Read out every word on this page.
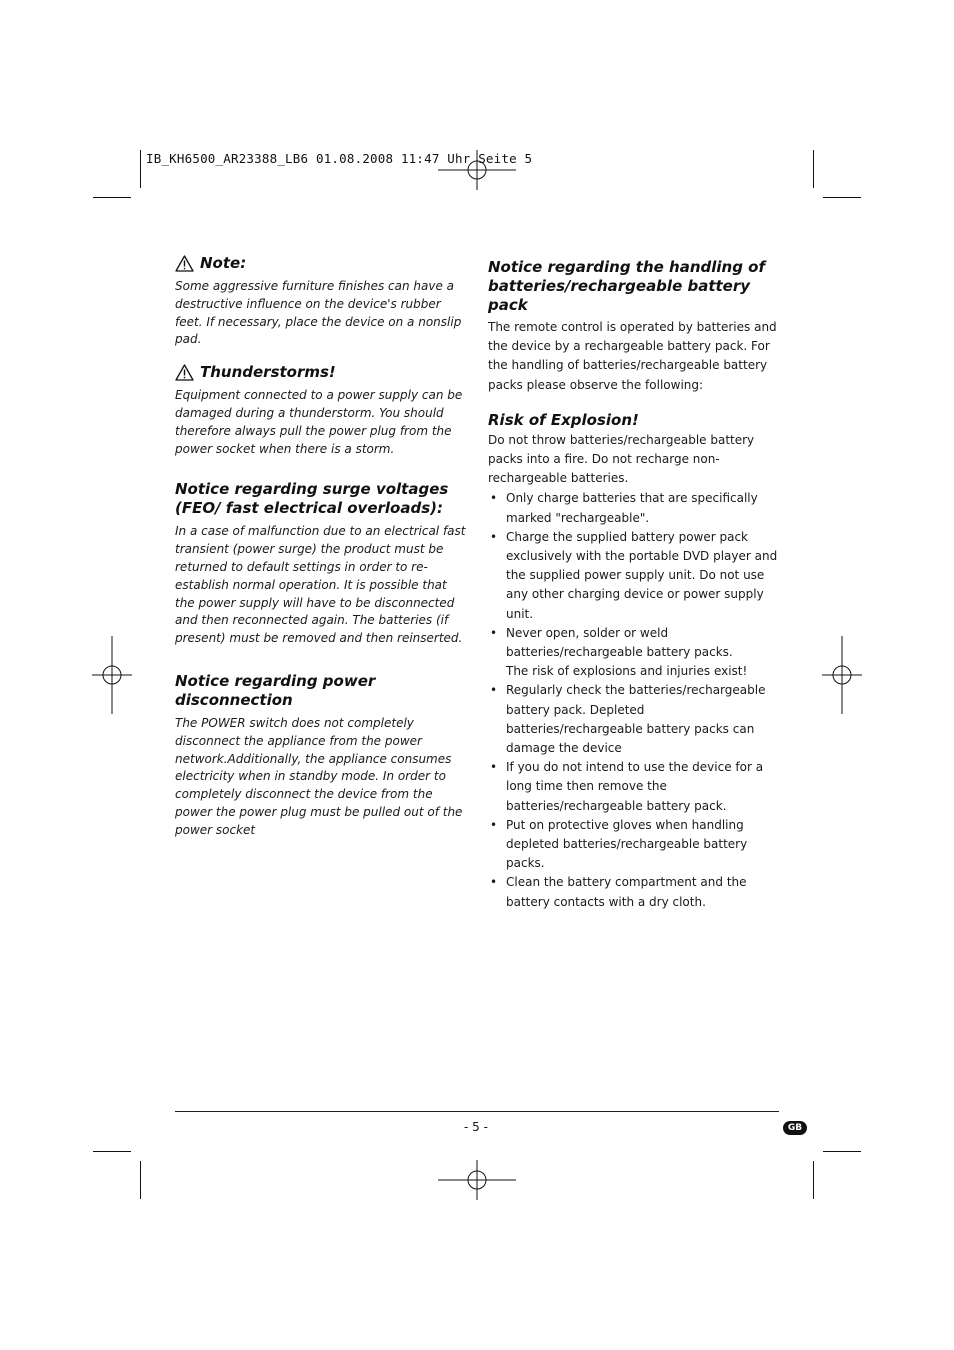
IB_KH6500_AR23388_LB6 01.08.2008 11:47 Uhr Seite 5
Note:

Some aggressive furniture finishes can have a destructive influence on the device's rubber feet. If necessary, place the device on a nonslip pad.

Thunderstorms!

Equipment connected to a power supply can be damaged during a thunderstorm. You should therefore always pull the power plug from the power socket when there is a storm.

Notice regarding surge voltages (FEO/ fast electrical overloads):

In a case of malfunction due to an electrical fast transient (power surge) the product must be returned to default settings in order to re-establish normal operation. It is possible that the power supply will have to be disconnected and then reconnected again. The batteries (if present) must be removed and then reinserted.

Notice regarding power disconnection

The POWER switch does not completely disconnect the appliance from the power network.Additionally, the appliance consumes electricity when in standby mode. In order to completely disconnect the device from the power the power plug must be pulled out of the power socket

Notice regarding the handling of batteries/rechargeable battery pack

The remote control is operated by batteries and the device by a rechargeable battery pack. For the handling of batteries/rechargeable battery packs please observe the following:

Risk of Explosion!

Do not throw batteries/rechargeable battery packs into a fire. Do not recharge non-rechargeable batteries.

• Only charge batteries that are specifically marked "rechargeable".
• Charge the supplied battery power pack exclusively with the portable DVD player and the supplied power supply unit. Do not use any other charging device or power supply unit.
• Never open, solder or weld batteries/rechargeable battery packs.
The risk of explosions and injuries exist!
• Regularly check the batteries/rechargeable battery pack. Depleted batteries/rechargeable battery packs can damage the device
• If you do not intend to use the device for a long time then remove the batteries/rechargeable battery pack.
• Put on protective gloves when handling depleted batteries/rechargeable battery packs.
• Clean the battery compartment and the battery contacts with a dry cloth.
- 5 -	GB
